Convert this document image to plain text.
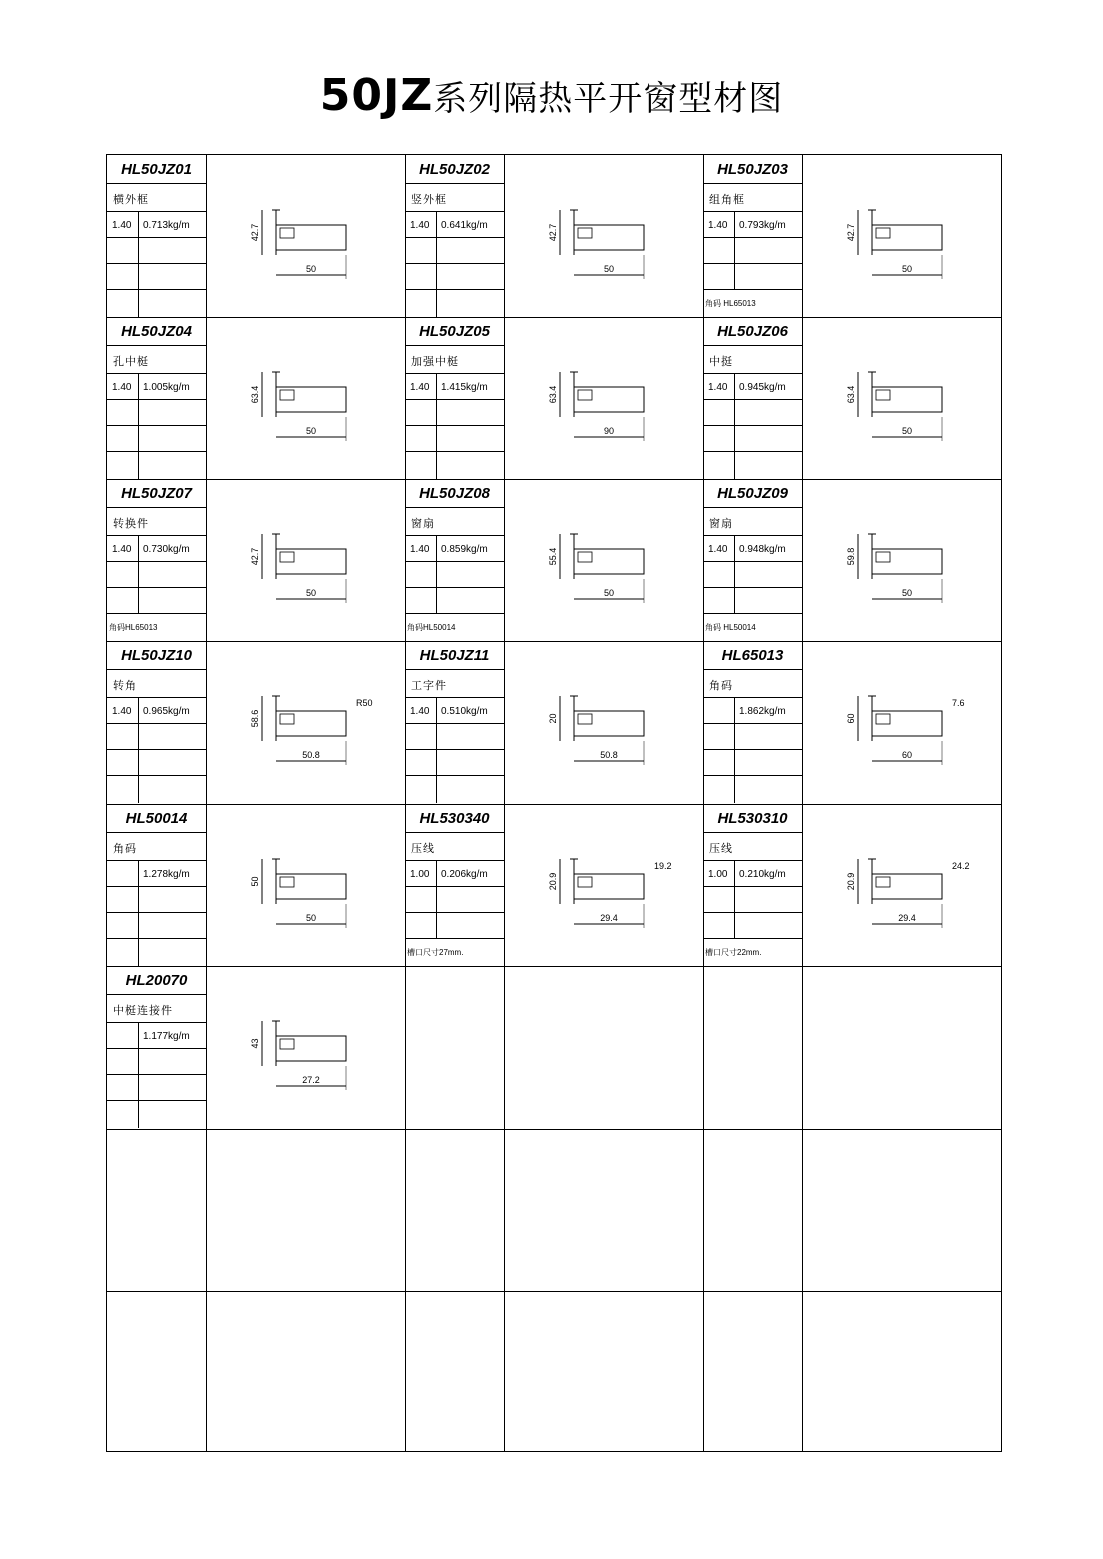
50JZ系列隔热平开窗型材图
HL50JZ01
横外框
1.40 0.713kg/m
HL50JZ02
竖外框
1.40 0.641kg/m
HL50JZ03
组角框
1.40 0.793kg/m
角码 HL65013
HL50JZ04
孔中梃
1.40 1.005kg/m
HL50JZ05
加强中梃
1.40 1.415kg/m
HL50JZ06
中挺
1.40 0.945kg/m
HL50JZ07
转换件
1.40 0.730kg/m
角码HL65013
HL50JZ08
窗扇
1.40 0.859kg/m
角码HL50014
HL50JZ09
窗扇
1.40 0.948kg/m
角码 HL50014
HL50JZ10
转角
1.40 0.965kg/m
HL50JZ11
工字件
1.40 0.510kg/m
HL65013
角码
1.862kg/m
HL50014
角码
1.278kg/m
HL530340
压线
1.00 0.206kg/m
槽口尺寸27mm.
HL530310
压线
1.00 0.210kg/m
槽口尺寸22mm.
HL20070
中梃连接件
1.177kg/m
42.7
50
42.7
50
42.7
50
63.4
50
63.4
90
63.4
50
42.7
50
55.4
50
59.8
50
58.6
50.8
R50
20
50.8
60
60
7.6
50
50
20.9
29.4
19.2
20.9
29.4
24.2
43
27.2
